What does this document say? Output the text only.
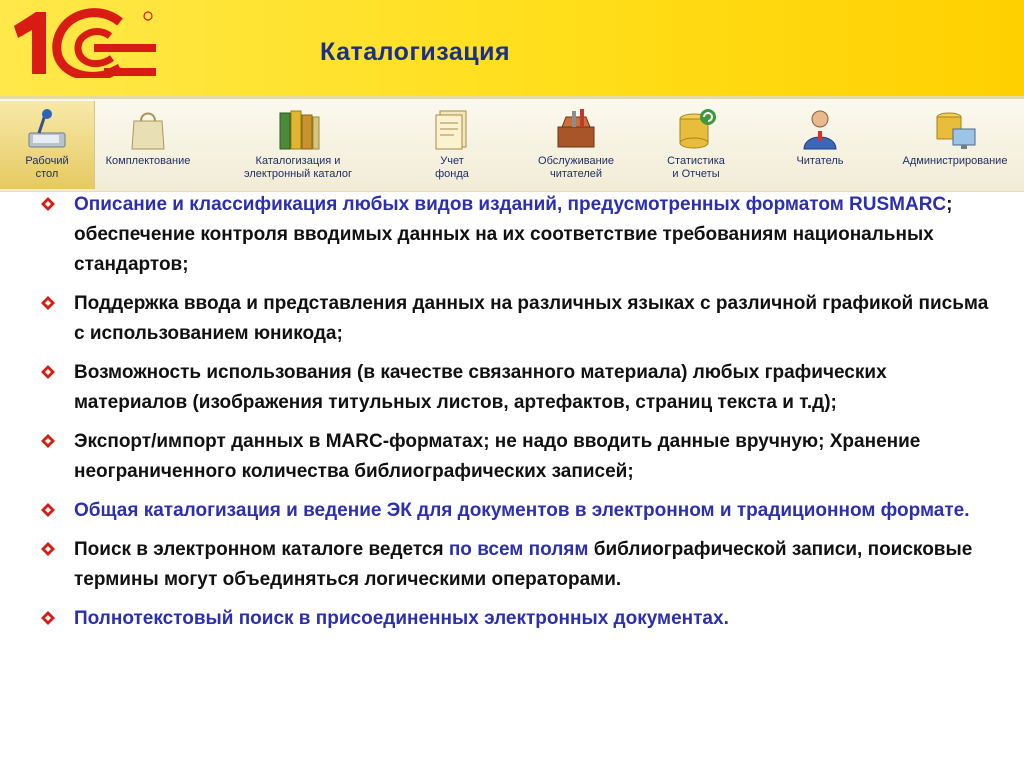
Каталогизация
Рабочий
стол
Комплектование	Каталогизация и
электронный каталог
Учет
фонда
Обслуживание
читателей
Статистика
и Отчеты
Читатель	Администрирование
Описание и классификация любых видов изданий, предусмотренных форматом RUSMARC; обеспечение контроля вводимых данных на их соответствие требованиям национальных стандартов;
Поддержка ввода и представления данных на различных языках с различной графикой письма с использованием юникода;
Возможность использования (в качестве связанного материала) любых графических материалов (изображения титульных листов, артефактов, страниц текста и т.д);
Экспорт/импорт данных в MARC-форматах; не надо вводить данные вручную; Хранение неограниченного количества библиографических записей;
Общая каталогизация и ведение ЭК для документов в электронном и традиционном формате.
Поиск в электронном каталоге ведется по всем полям библиографической записи, поисковые термины могут объединяться логическими операторами.
Полнотекстовый поиск в присоединенных электронных документах.
